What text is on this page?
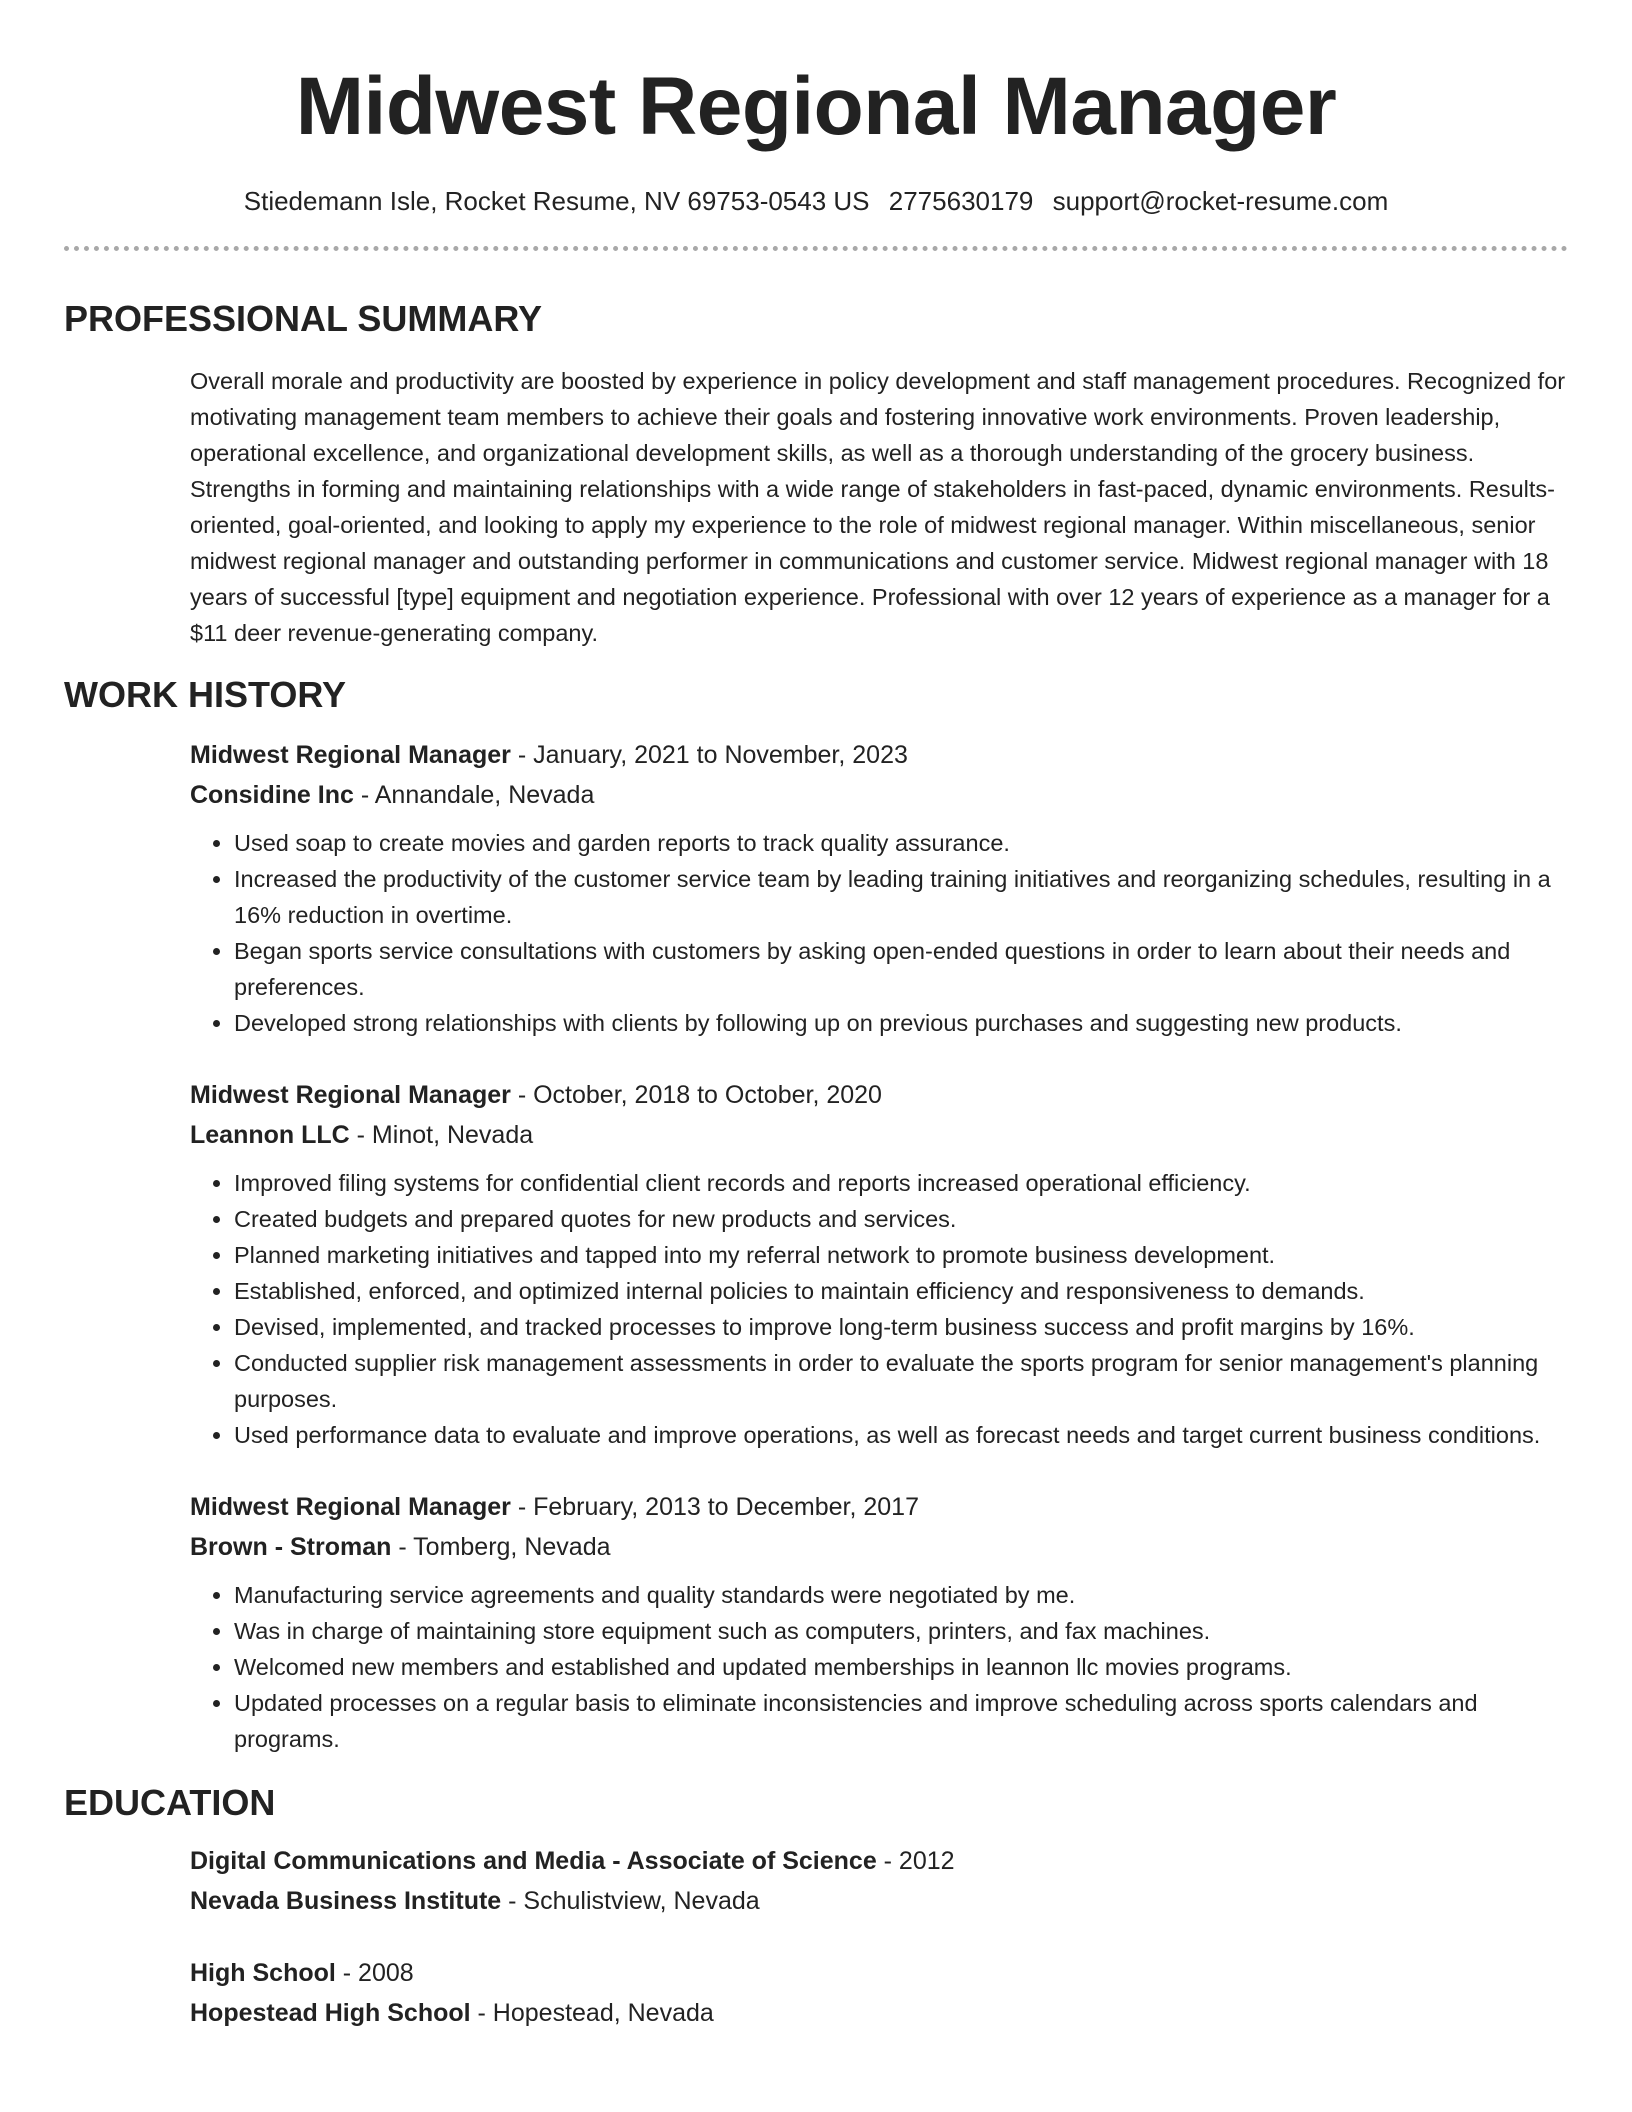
Midwest Regional Manager
Stiedemann Isle, Rocket Resume, NV 69753-0543 US 2775630179 support@rocket-resume.com
PROFESSIONAL SUMMARY

Overall morale and productivity are boosted by experience in policy development and staff management procedures. Recognized for motivating management team members to achieve their goals and fostering innovative work environments. Proven leadership, operational excellence, and organizational development skills, as well as a thorough understanding of the grocery business. Strengths in forming and maintaining relationships with a wide range of stakeholders in fast-paced, dynamic environments. Results-oriented, goal-oriented, and looking to apply my experience to the role of midwest regional manager. Within miscellaneous, senior midwest regional manager and outstanding performer in communications and customer service. Midwest regional manager with 18 years of successful [type] equipment and negotiation experience. Professional with over 12 years of experience as a manager for a $11 deer revenue-generating company.

WORK HISTORY
Midwest Regional Manager - January, 2021 to November, 2023
Considine Inc - Annandale, Nevada
• Used soap to create movies and garden reports to track quality assurance.
• Increased the productivity of the customer service team by leading training initiatives and reorganizing schedules, resulting in a 16% reduction in overtime.
• Began sports service consultations with customers by asking open-ended questions in order to learn about their needs and preferences.
• Developed strong relationships with clients by following up on previous purchases and suggesting new products.
Midwest Regional Manager - October, 2018 to October, 2020
Leannon LLC - Minot, Nevada
• Improved filing systems for confidential client records and reports increased operational efficiency.
• Created budgets and prepared quotes for new products and services.
• Planned marketing initiatives and tapped into my referral network to promote business development.
• Established, enforced, and optimized internal policies to maintain efficiency and responsiveness to demands.
• Devised, implemented, and tracked processes to improve long-term business success and profit margins by 16%.
• Conducted supplier risk management assessments in order to evaluate the sports program for senior management's planning purposes.
• Used performance data to evaluate and improve operations, as well as forecast needs and target current business conditions.
Midwest Regional Manager - February, 2013 to December, 2017
Brown - Stroman - Tomberg, Nevada
• Manufacturing service agreements and quality standards were negotiated by me.
• Was in charge of maintaining store equipment such as computers, printers, and fax machines.
• Welcomed new members and established and updated memberships in leannon llc movies programs.
• Updated processes on a regular basis to eliminate inconsistencies and improve scheduling across sports calendars and programs.
EDUCATION
Digital Communications and Media - Associate of Science - 2012
Nevada Business Institute - Schulistview, Nevada
High School - 2008
Hopestead High School - Hopestead, Nevada
